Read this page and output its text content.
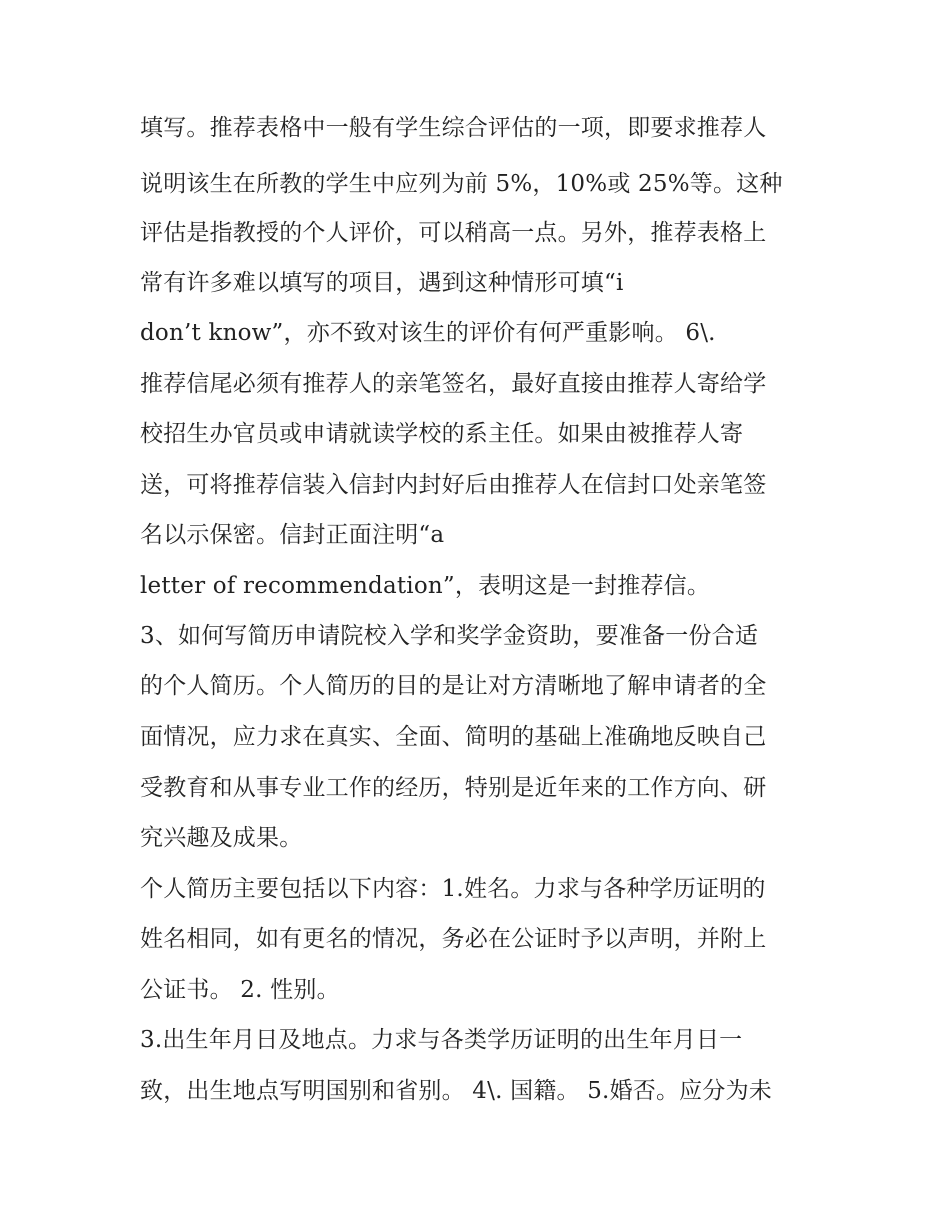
填写。推荐表格中一般有学生综合评估的一项，即要求推荐人
说明该生在所教的学生中应列为前 5%，10%或 25%等。这种
评估是指教授的个人评价，可以稍高一点。另外，推荐表格上
常有许多难以填写的项目，遇到这种情形可填“i
don’t know”，亦不致对该生的评价有何严重影响。 6\.
推荐信尾必须有推荐人的亲笔签名，最好直接由推荐人寄给学
校招生办官员或申请就读学校的系主任。如果由被推荐人寄
送，可将推荐信装入信封内封好后由推荐人在信封口处亲笔签
名以示保密。信封正面注明“a
letter of recommendation”，表明这是一封推荐信。
3、如何写简历申请院校入学和奖学金资助，要准备一份合适
的个人简历。个人简历的目的是让对方清晰地了解申请者的全
面情况，应力求在真实、全面、简明的基础上准确地反映自己
受教育和从事专业工作的经历，特别是近年来的工作方向、研
究兴趣及成果。
个人简历主要包括以下内容：1.姓名。力求与各种学历证明的
姓名相同，如有更名的情况，务必在公证时予以声明，并附上
公证书。 2. 性别。
3.出生年月日及地点。力求与各类学历证明的出生年月日一
致，出生地点写明国别和省别。 4\. 国籍。 5.婚否。应分为未
